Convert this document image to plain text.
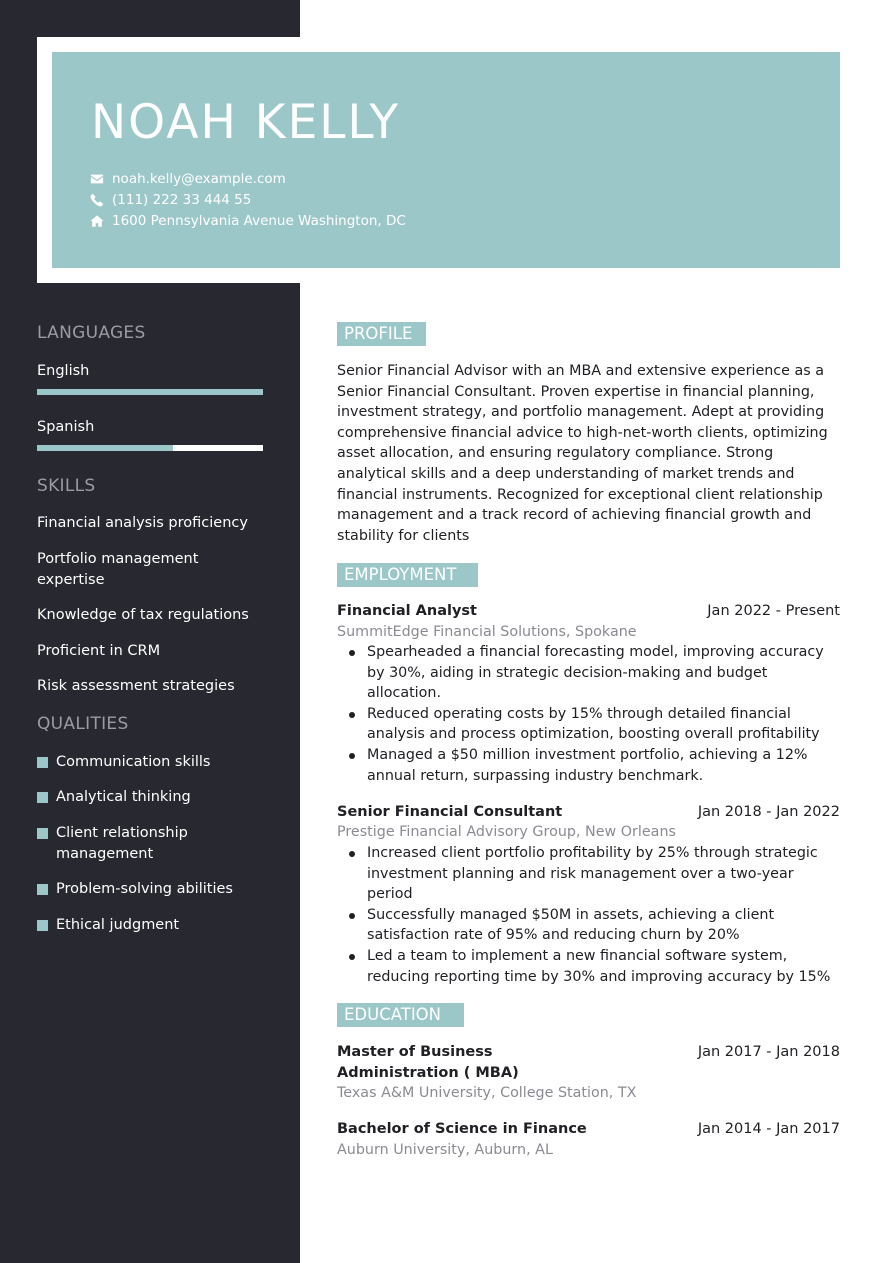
NOAH KELLY
noah.kelly@example.com
(111) 222 33 444 55
1600 Pennsylvania Avenue Washington, DC
LANGUAGES
English
Spanish
SKILLS
Financial analysis proficiency
Portfolio management expertise
Knowledge of tax regulations
Proficient in CRM
Risk assessment strategies
QUALITIES
Communication skills
Analytical thinking
Client relationship management
Problem-solving abilities
Ethical judgment
PROFILE
Senior Financial Advisor with an MBA and extensive experience as a Senior Financial Consultant. Proven expertise in financial planning, investment strategy, and portfolio management. Adept at providing comprehensive financial advice to high-net-worth clients, optimizing asset allocation, and ensuring regulatory compliance. Strong analytical skills and a deep understanding of market trends and financial instruments. Recognized for exceptional client relationship management and a track record of achieving financial growth and stability for clients
EMPLOYMENT
Financial Analyst	Jan 2022 - Present
SummitEdge Financial Solutions, Spokane
Spearheaded a financial forecasting model, improving accuracy by 30%, aiding in strategic decision-making and budget allocation.
Reduced operating costs by 15% through detailed financial analysis and process optimization, boosting overall profitability
Managed a $50 million investment portfolio, achieving a 12% annual return, surpassing industry benchmark.
Senior Financial Consultant	Jan 2018 - Jan 2022
Prestige Financial Advisory Group, New Orleans
Increased client portfolio profitability by 25% through strategic investment planning and risk management over a two-year period
Successfully managed $50M in assets, achieving a client satisfaction rate of 95% and reducing churn by 20%
Led a team to implement a new financial software system, reducing reporting time by 30% and improving accuracy by 15%
EDUCATION
Master of Business Administration ( MBA)
Jan 2017 - Jan 2018
Texas A&M University, College Station, TX
Bachelor of Science in Finance	Jan 2014 - Jan 2017
Auburn University, Auburn, AL
